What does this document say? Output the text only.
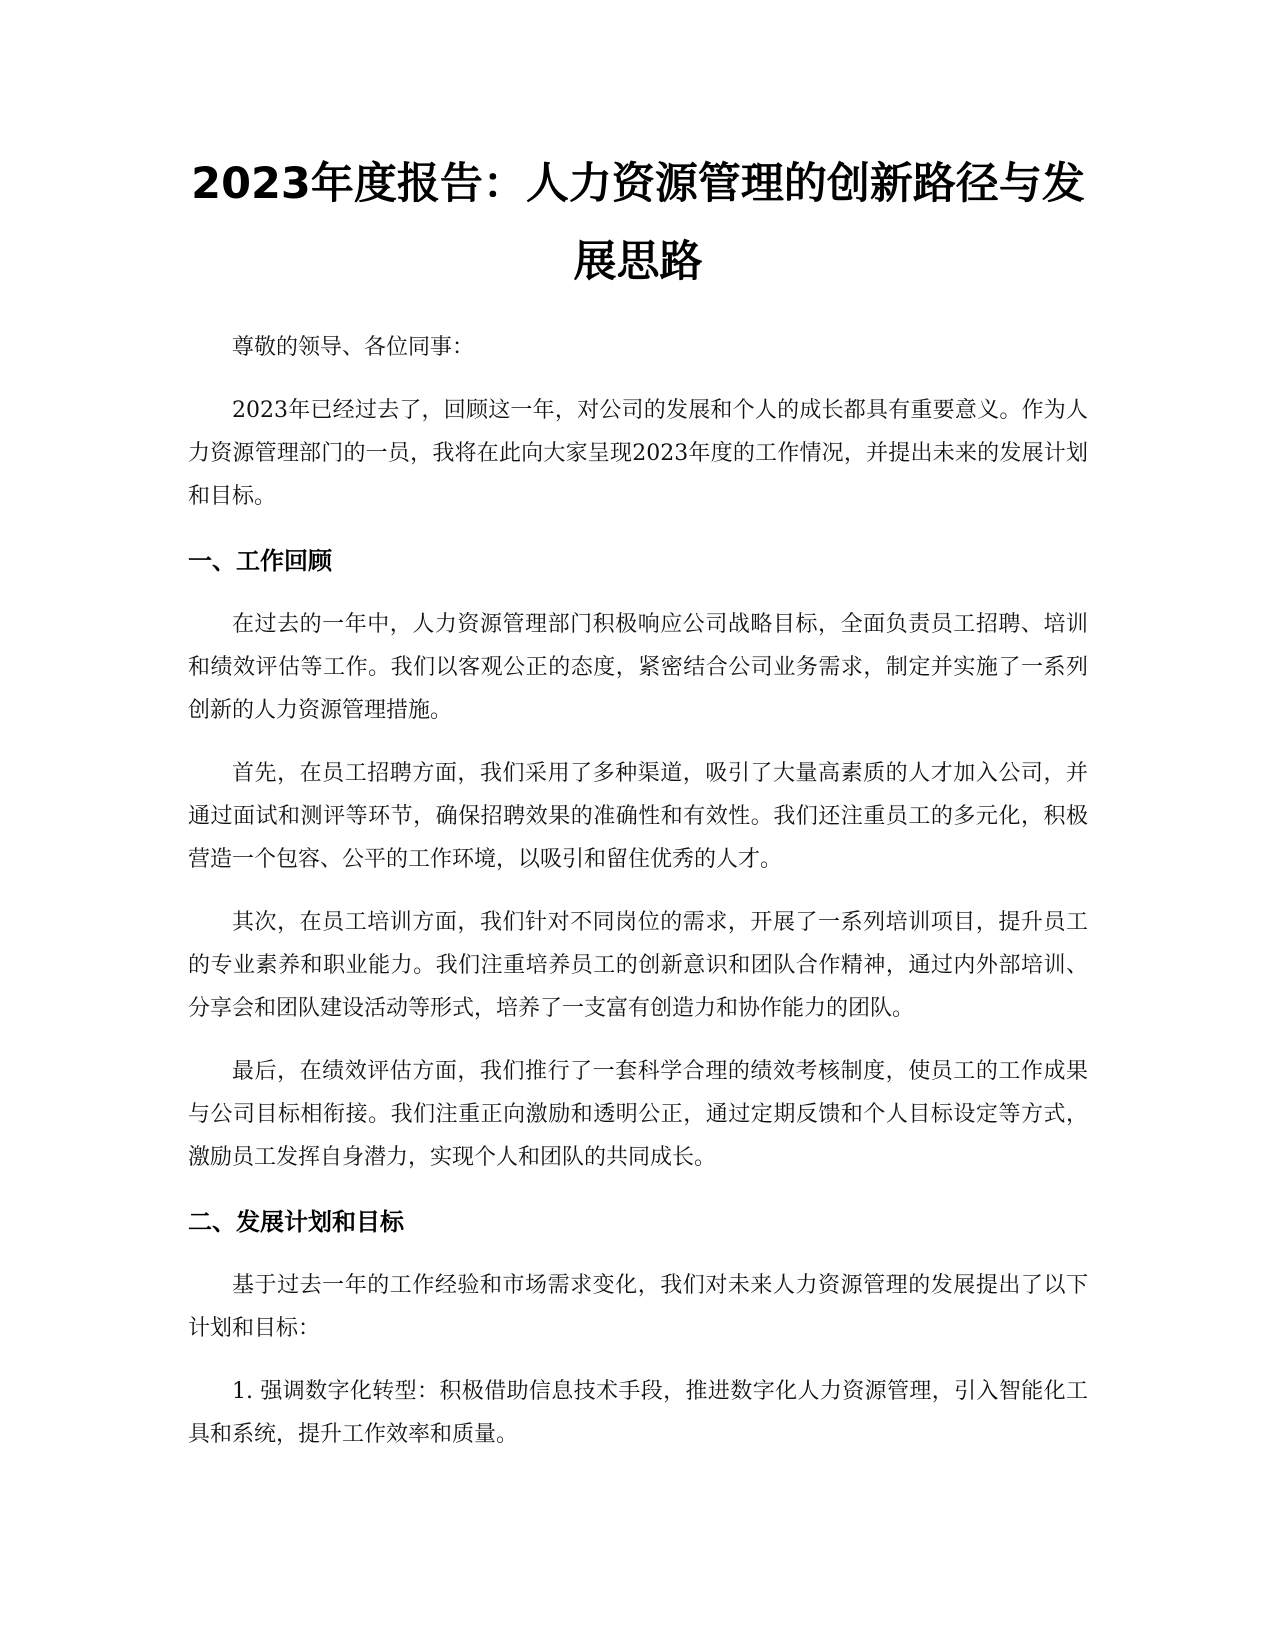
2023年度报告：人力资源管理的创新路径与发展思路

尊敬的领导、各位同事：

2023年已经过去了，回顾这一年，对公司的发展和个人的成长都具有重要意义。作为人力资源管理部门的一员，我将在此向大家呈现2023年度的工作情况，并提出未来的发展计划和目标。

一、工作回顾

在过去的一年中，人力资源管理部门积极响应公司战略目标，全面负责员工招聘、培训和绩效评估等工作。我们以客观公正的态度，紧密结合公司业务需求，制定并实施了一系列创新的人力资源管理措施。

首先，在员工招聘方面，我们采用了多种渠道，吸引了大量高素质的人才加入公司，并通过面试和测评等环节，确保招聘效果的准确性和有效性。我们还注重员工的多元化，积极营造一个包容、公平的工作环境，以吸引和留住优秀的人才。

其次，在员工培训方面，我们针对不同岗位的需求，开展了一系列培训项目，提升员工的专业素养和职业能力。我们注重培养员工的创新意识和团队合作精神，通过内外部培训、分享会和团队建设活动等形式，培养了一支富有创造力和协作能力的团队。

最后，在绩效评估方面，我们推行了一套科学合理的绩效考核制度，使员工的工作成果与公司目标相衔接。我们注重正向激励和透明公正，通过定期反馈和个人目标设定等方式，激励员工发挥自身潜力，实现个人和团队的共同成长。

二、发展计划和目标

基于过去一年的工作经验和市场需求变化，我们对未来人力资源管理的发展提出了以下计划和目标：

1. 强调数字化转型：积极借助信息技术手段，推进数字化人力资源管理，引入智能化工具和系统，提升工作效率和质量。
